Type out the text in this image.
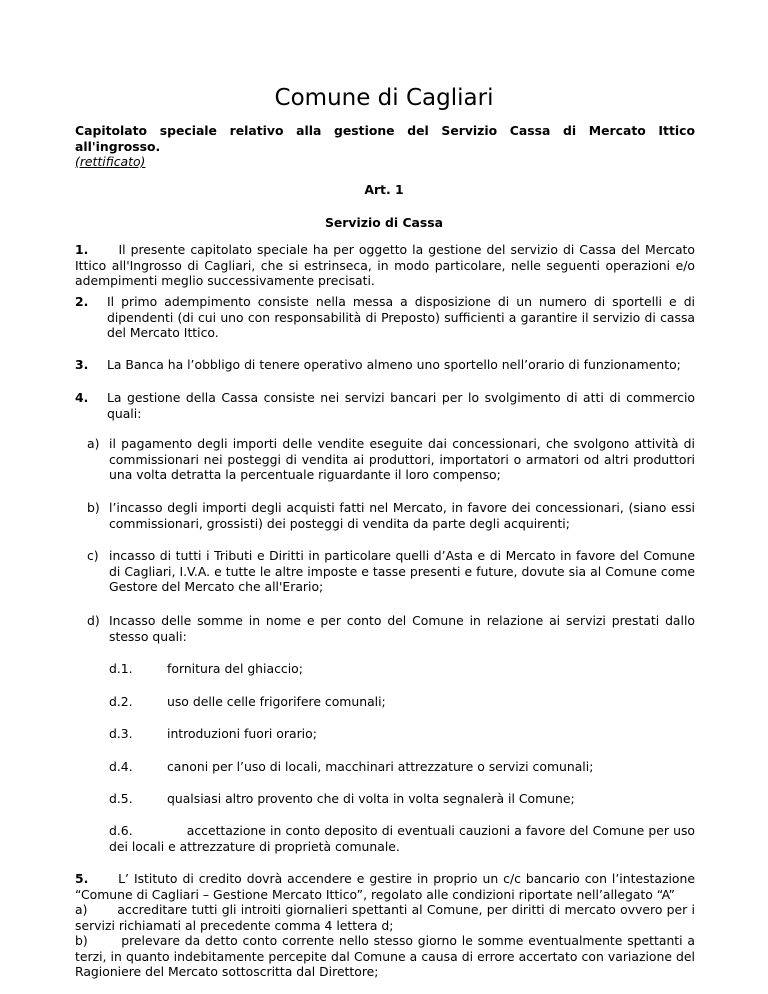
Comune di Cagliari
Capitolato speciale relativo alla gestione del Servizio Cassa di Mercato Ittico all'ingrosso.
(rettificato)
Art. 1
Servizio di Cassa
1. Il presente capitolato speciale ha per oggetto la gestione del servizio di Cassa del Mercato Ittico all'Ingrosso di Cagliari, che si estrinseca, in modo particolare, nelle seguenti operazioni e/o adempimenti meglio successivamente precisati.
2. Il primo adempimento consiste nella messa a disposizione di un numero di sportelli e di dipendenti (di cui uno con responsabilità di Preposto) sufficienti a garantire il servizio di cassa del Mercato Ittico.
3. La Banca ha l’obbligo di tenere operativo almeno uno sportello nell’orario di funzionamento;
4. La gestione della Cassa consiste nei servizi bancari per lo svolgimento di atti di commercio quali:
a) il pagamento degli importi delle vendite eseguite dai concessionari, che svolgono attività di commissionari nei posteggi di vendita ai produttori, importatori o armatori od altri produttori una volta detratta la percentuale riguardante il loro compenso;
b) l’incasso degli importi degli acquisti fatti nel Mercato, in favore dei concessionari, (siano essi commissionari, grossisti) dei posteggi di vendita da parte degli acquirenti;
c) incasso di tutti i Tributi e Diritti in particolare quelli d’Asta e di Mercato in favore del Comune di Cagliari, I.V.A. e tutte le altre imposte e tasse presenti e future, dovute sia al Comune come Gestore del Mercato che all'Erario;
d) Incasso delle somme in nome e per conto del Comune in relazione ai servizi prestati dallo stesso quali:
d.1.	fornitura del ghiaccio;
d.2.	uso delle celle frigorifere comunali;
d.3.	introduzioni fuori orario;
d.4.	canoni per l’uso di locali, macchinari attrezzature o servizi comunali;
d.5.	qualsiasi altro provento che di volta in volta segnalerà il Comune;
d.6.	accettazione in conto deposito di eventuali cauzioni a favore del Comune per uso dei locali e attrezzature di proprietà comunale.
5. L’ Istituto di credito dovrà accendere e gestire in proprio un c/c bancario con l’intestazione “Comune di Cagliari – Gestione Mercato Ittico”, regolato alle condizioni riportate nell’allegato “A”
a) accreditare tutti gli introiti giornalieri spettanti al Comune, per diritti di mercato ovvero per i servizi richiamati al precedente comma 4 lettera d;
b)	prelevare da detto conto corrente nello stesso giorno le somme eventualmente spettanti a terzi, in quanto indebitamente percepite dal Comune a causa di errore accertato con variazione del Ragioniere del Mercato sottoscritta dal Direttore;
